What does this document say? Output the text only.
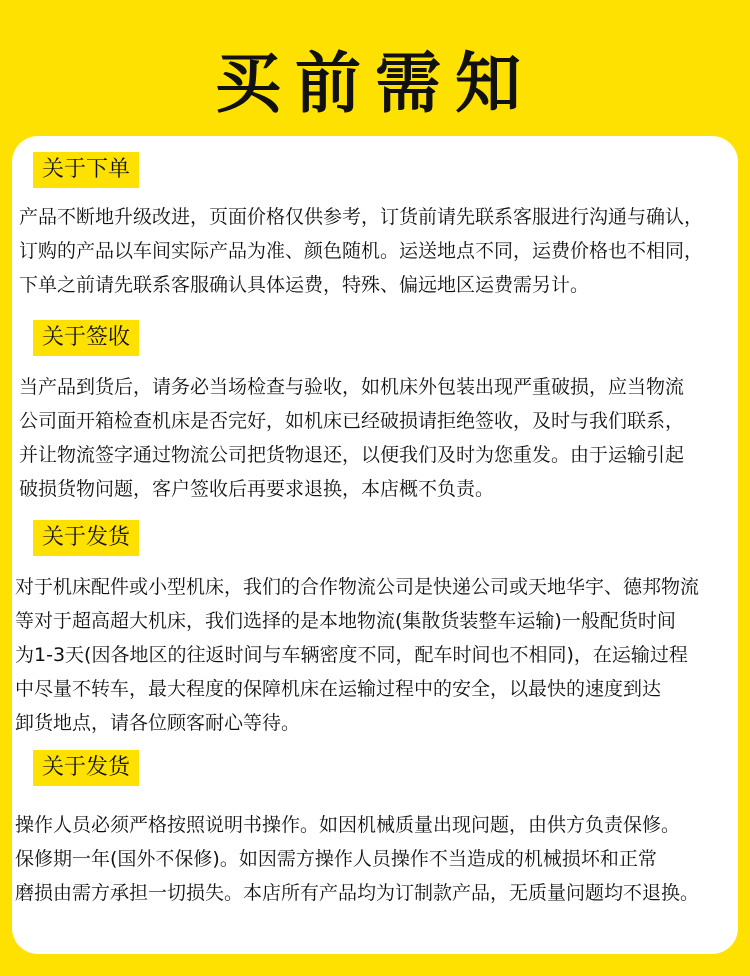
买前需知
关于下单
产品不断地升级改进，页面价格仅供参考，订货前请先联系客服进行沟通与确认，
订购的产品以车间实际产品为准、颜色随机。运送地点不同，运费价格也不相同，
下单之前请先联系客服确认具体运费，特殊、偏远地区运费需另计。
关于签收
当产品到货后，请务必当场检查与验收，如机床外包装出现严重破损，应当物流
公司面开箱检查机床是否完好，如机床已经破损请拒绝签收，及时与我们联系，
并让物流签字通过物流公司把货物退还，以便我们及时为您重发。由于运输引起
破损货物问题，客户签收后再要求退换，本店概不负责。
关于发货
对于机床配件或小型机床，我们的合作物流公司是快递公司或天地华宇、德邦物流
等对于超高超大机床，我们选择的是本地物流(集散货装整车运输)一般配货时间
为1-3天(因各地区的往返时间与车辆密度不同，配车时间也不相同)，在运输过程
中尽量不转车，最大程度的保障机床在运输过程中的安全，以最快的速度到达
卸货地点，请各位顾客耐心等待。
关于发货
操作人员必须严格按照说明书操作。如因机械质量出现问题，由供方负责保修。
保修期一年(国外不保修)。如因需方操作人员操作不当造成的机械损坏和正常
磨损由需方承担一切损失。本店所有产品均为订制款产品，无质量问题均不退换。
